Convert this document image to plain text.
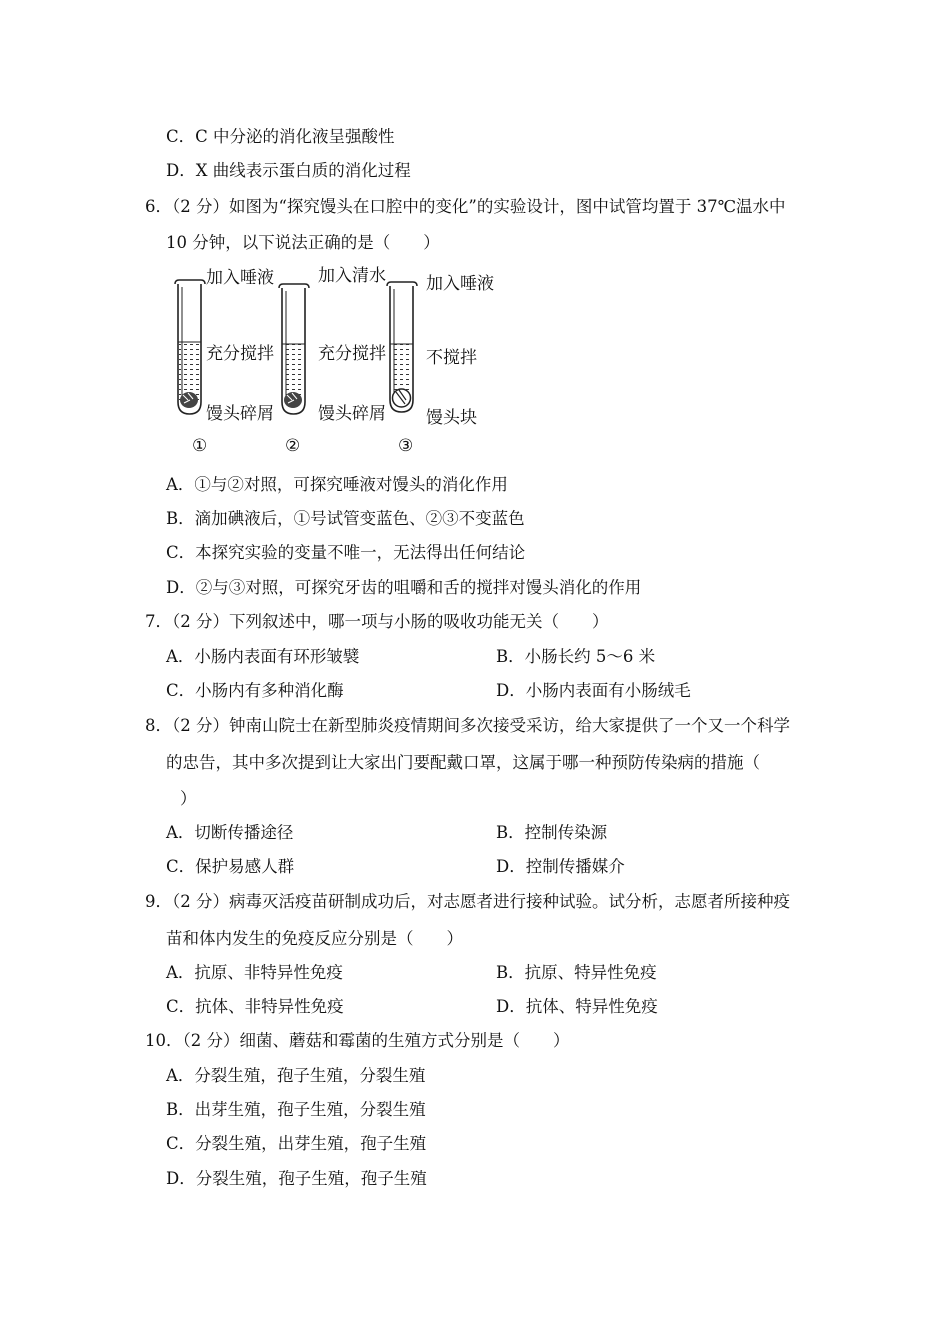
C．C 中分泌的消化液呈强酸性
D．X 曲线表示蛋白质的消化过程
6．（2 分）如图为“探究馒头在口腔中的变化”的实验设计，图中试管均置于 37℃温水中
10 分钟，以下说法正确的是（　　）
加入唾液
充分搅拌
馒头碎屑
①
加入清水
充分搅拌
馒头碎屑
②
加入唾液
不搅拌
馒头块
③
A．①与②对照，可探究唾液对馒头的消化作用
B．滴加碘液后，①号试管变蓝色、②③不变蓝色
C．本探究实验的变量不唯一，无法得出任何结论
D．②与③对照，可探究牙齿的咀嚼和舌的搅拌对馒头消化的作用
7．（2 分）下列叙述中，哪一项与小肠的吸收功能无关（　　）
A．小肠内表面有环形皱襞	B．小肠长约 5～6 米
C．小肠内有多种消化酶	D．小肠内表面有小肠绒毛
8．（2 分）钟南山院士在新型肺炎疫情期间多次接受采访，给大家提供了一个又一个科学
的忠告，其中多次提到让大家出门要配戴口罩，这属于哪一种预防传染病的措施（
）
A．切断传播途径	B．控制传染源
C．保护易感人群	D．控制传播媒介
9．（2 分）病毒灭活疫苗研制成功后，对志愿者进行接种试验。试分析，志愿者所接种疫
苗和体内发生的免疫反应分别是（　　）
A．抗原、非特异性免疫	B．抗原、特异性免疫
C．抗体、非特异性免疫	D．抗体、特异性免疫
10．（2 分）细菌、蘑菇和霉菌的生殖方式分别是（　　）
A．分裂生殖，孢子生殖，分裂生殖
B．出芽生殖，孢子生殖，分裂生殖
C．分裂生殖，出芽生殖，孢子生殖
D．分裂生殖，孢子生殖，孢子生殖
